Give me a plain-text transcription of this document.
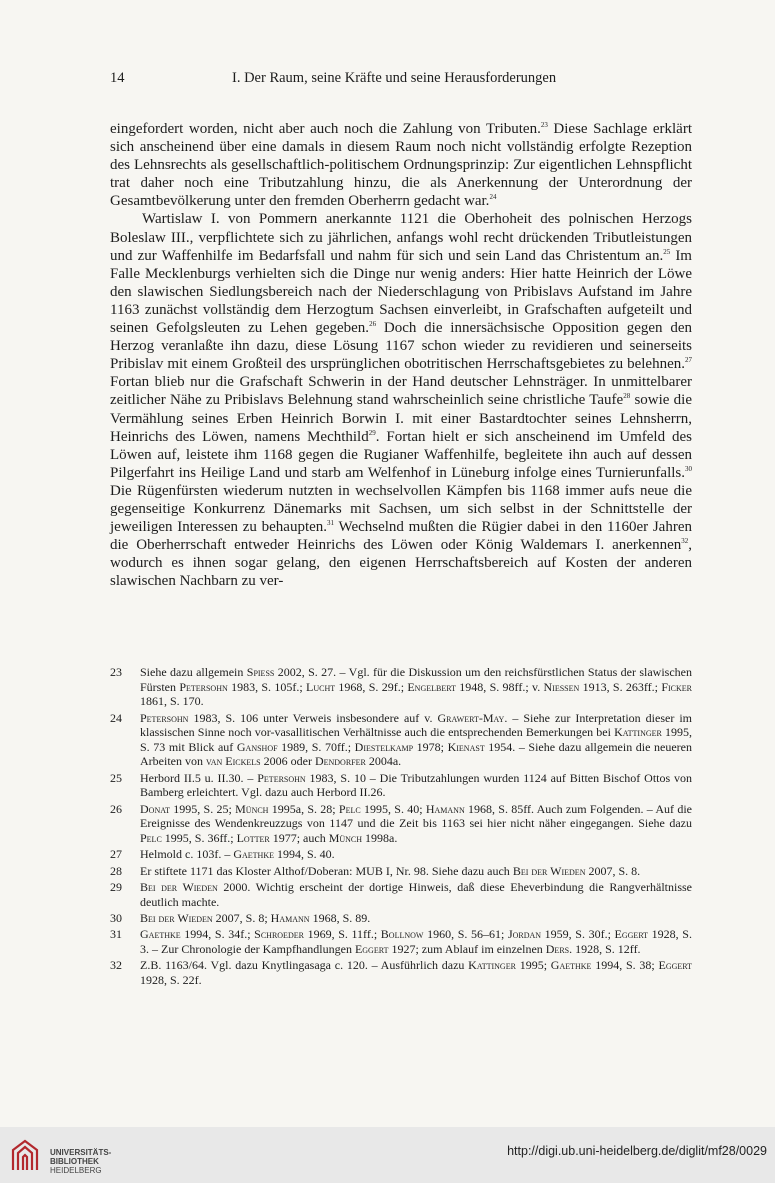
14	I. Der Raum, seine Kräfte und seine Herausforderungen

eingefordert worden, nicht aber auch noch die Zahlung von Tributen.$^{23}$ Diese Sachlage erklärt sich anscheinend über eine damals in diesem Raum noch nicht vollständig erfolgte Rezeption des Lehnsrechts als gesellschaftlich-politischem Ordnungsprinzip: Zur eigentlichen Lehnspflicht trat daher noch eine Tributzahlung hinzu, die als Anerkennung der Unterordnung der Gesamtbevölkerung unter den fremden Oberherrn gedacht war.$^{24}$

Wartislaw I. von Pommern anerkannte 1121 die Oberhoheit des polnischen Herzogs Boleslaw III., verpflichtete sich zu jährlichen, anfangs wohl recht drückenden Tributleistungen und zur Waffenhilfe im Bedarfsfall und nahm für sich und sein Land das Christentum an.$^{25}$ Im Falle Mecklenburgs verhielten sich die Dinge nur wenig anders: Hier hatte Heinrich der Löwe den slawischen Siedlungsbereich nach der Niederschlagung von Pribislavs Aufstand im Jahre 1163 zunächst vollständig dem Herzogtum Sachsen einverleibt, in Grafschaften aufgeteilt und seinen Gefolgsleuten zu Lehen gegeben.$^{26}$ Doch die innersächsische Opposition gegen den Herzog veranlaßte ihn dazu, diese Lösung 1167 schon wieder zu revidieren und seinerseits Pribislav mit einem Großteil des ursprünglichen obotritischen Herrschaftsgebietes zu belehnen.$^{27}$ Fortan blieb nur die Grafschaft Schwerin in der Hand deutscher Lehnsträger. In unmittelbarer zeitlicher Nähe zu Pribislavs Belehnung stand wahrscheinlich seine christliche Taufe$^{28}$ sowie die Vermählung seines Erben Heinrich Borwin I. mit einer Bastardtochter seines Lehnsherrn, Heinrichs des Löwen, namens Mechthild$^{29}$. Fortan hielt er sich anscheinend im Umfeld des Löwen auf, leistete ihm 1168 gegen die Rugianer Waffenhilfe, begleitete ihn auch auf dessen Pilgerfahrt ins Heilige Land und starb am Welfenhof in Lüneburg infolge eines Turnierunfalls.$^{30}$ Die Rügenfürsten wiederum nutzten in wechselvollen Kämpfen bis 1168 immer aufs neue die gegenseitige Konkurrenz Dänemarks mit Sachsen, um sich selbst in der Schnittstelle der jeweiligen Interessen zu behaupten.$^{31}$ Wechselnd mußten die Rügier dabei in den 1160er Jahren die Oberherrschaft entweder Heinrichs des Löwen oder König Waldemars I. anerkennen$^{32}$, wodurch es ihnen sogar gelang, den eigenen Herrschaftsbereich auf Kosten der anderen slawischen Nachbarn zu ver-

23 Siehe dazu allgemein Spiess 2002, S. 27. – Vgl. für die Diskussion um den reichsfürstlichen Status der slawischen Fürsten Petersohn 1983, S. 105f.; Lucht 1968, S. 29f.; Engelbert 1948, S. 98ff.; v. Niessen 1913, S. 263ff.; Ficker 1861, S. 170.
24 Petersohn 1983, S. 106 unter Verweis insbesondere auf v. Grawert-May. – Siehe zur Interpretation dieser im klassischen Sinne noch vor-vasallitischen Verhältnisse auch die entsprechenden Bemerkungen bei Kattinger 1995, S. 73 mit Blick auf Ganshof 1989, S. 70ff.; Diestelkamp 1978; Kienast 1954. – Siehe dazu allgemein die neueren Arbeiten von van Eickels 2006 oder Dendorfer 2004a.
25 Herbord II.5 u. II.30. – Petersohn 1983, S. 10 – Die Tributzahlungen wurden 1124 auf Bitten Bischof Ottos von Bamberg erleichtert. Vgl. dazu auch Herbord II.26.
26 Donat 1995, S. 25; Münch 1995a, S. 28; Pelc 1995, S. 40; Hamann 1968, S. 85ff. Auch zum Folgenden. – Auf die Ereignisse des Wendenkreuzzugs von 1147 und die Zeit bis 1163 sei hier nicht näher eingegangen. Siehe dazu Pelc 1995, S. 36ff.; Lotter 1977; auch Münch 1998a.
27 Helmold c. 103f. – Gaethke 1994, S. 40.
28 Er stiftete 1171 das Kloster Althof/Doberan: MUB I, Nr. 98. Siehe dazu auch Bei der Wieden 2007, S. 8.
29 Bei der Wieden 2000. Wichtig erscheint der dortige Hinweis, daß diese Eheverbindung die Rangverhältnisse deutlich machte.
30 Bei der Wieden 2007, S. 8; Hamann 1968, S. 89.
31 Gaethke 1994, S. 34f.; Schroeder 1969, S. 11ff.; Bollnow 1960, S. 56–61; Jordan 1959, S. 30f.; Eggert 1928, S. 3. – Zur Chronologie der Kampfhandlungen Eggert 1927; zum Ablauf im einzelnen Ders. 1928, S. 12ff.
32 Z.B. 1163/64. Vgl. dazu Knytlingasaga c. 120. – Ausführlich dazu Kattinger 1995; Gaethke 1994, S. 38; Eggert 1928, S. 22f.
UNIVERSITÄTS-
BIBLIOTHEK
HEIDELBERG
http://digi.ub.uni-heidelberg.de/diglit/mf28/0029
